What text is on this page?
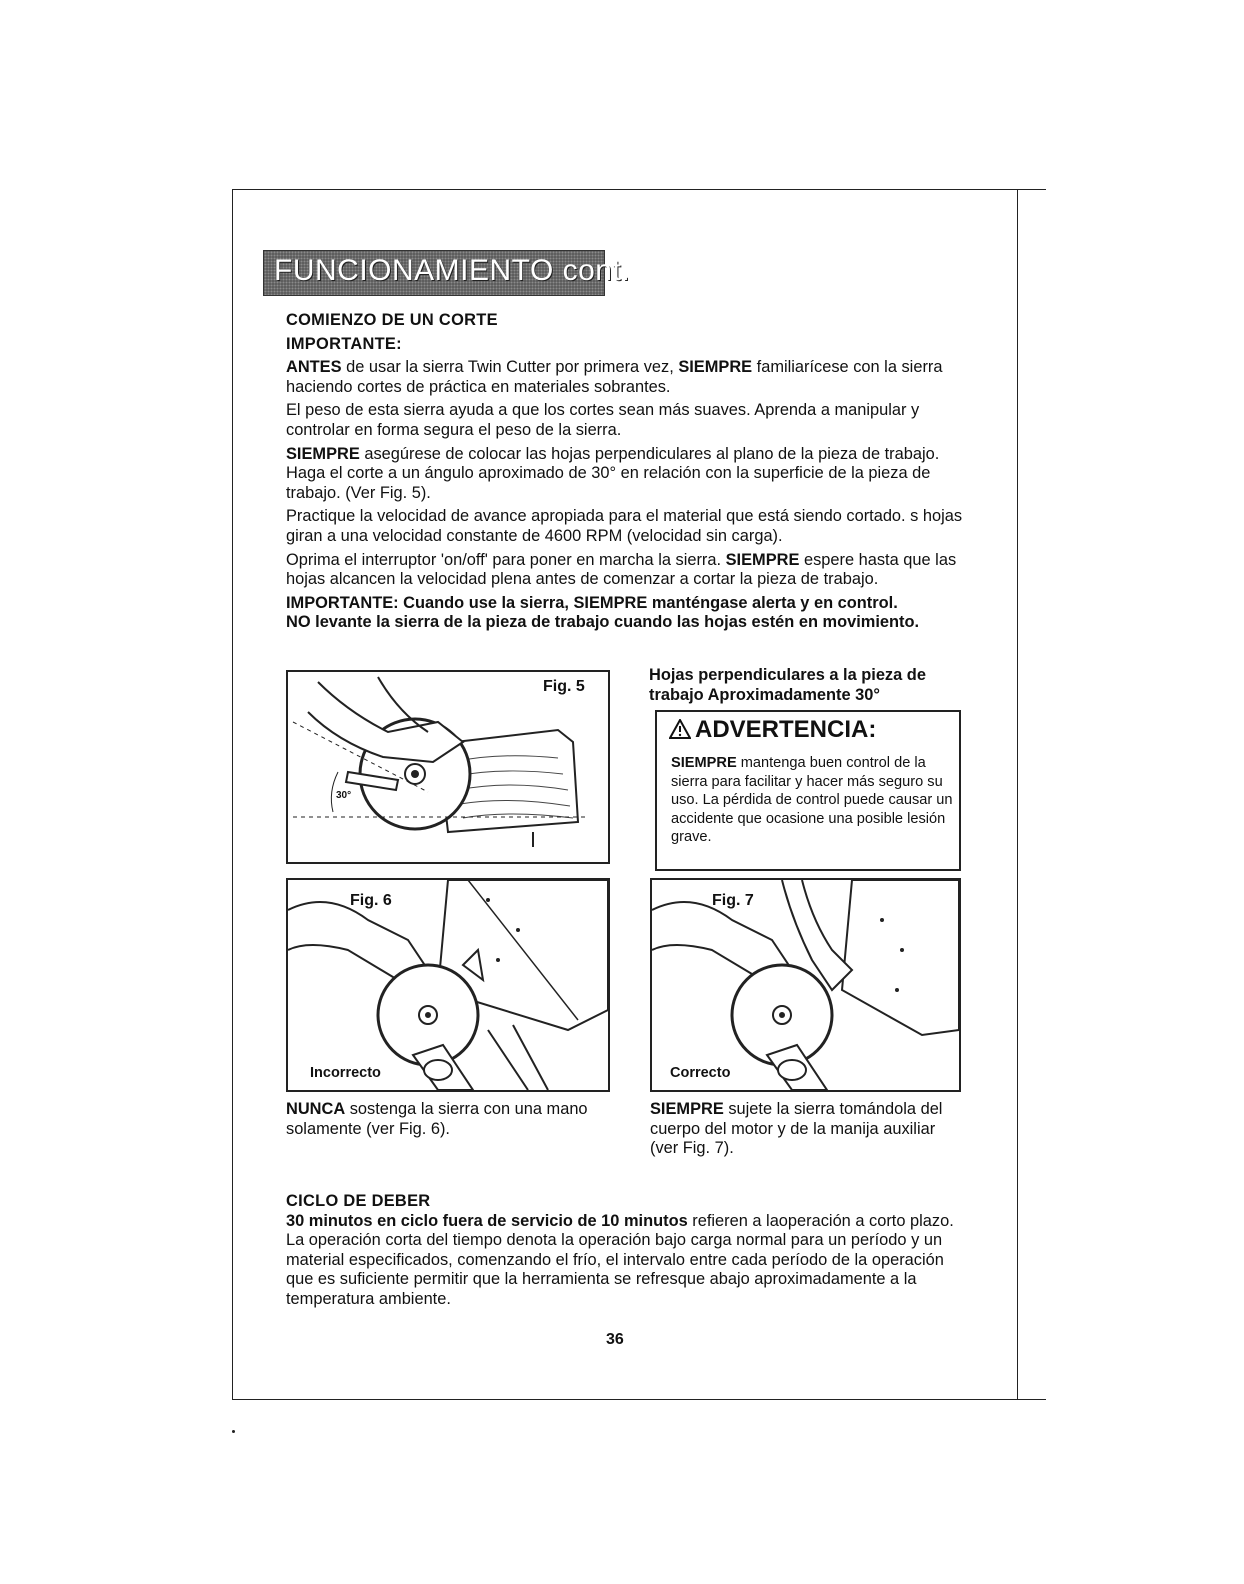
FUNCIONAMIENTO cont.

COMIENZO DE UN CORTE

IMPORTANTE:

ANTES de usar la sierra Twin Cutter por primera vez, SIEMPRE familiarícese con la sierra haciendo cortes de práctica en materiales sobrantes.

El peso de esta sierra ayuda a que los cortes sean más suaves. Aprenda a manipular y controlar en forma segura el peso de la sierra.

SIEMPRE asegúrese de colocar las hojas perpendiculares al plano de la pieza de trabajo. Haga el corte a un ángulo aproximado de 30° en relación con la superficie de la pieza de trabajo. (Ver Fig. 5).

Practique la velocidad de avance apropiada para el material que está siendo cortado. s hojas giran a una velocidad constante de 4600 RPM (velocidad sin carga).

Oprima el interruptor 'on/off' para poner en marcha la sierra. SIEMPRE espere hasta que las hojas alcancen la velocidad plena antes de comenzar a cortar la pieza de trabajo.

IMPORTANTE: Cuando use la sierra, SIEMPRE manténgase alerta y en control.
NO levante la sierra de la pieza de trabajo cuando las hojas estén en movimiento.

Fig. 5
30°
Hojas perpendiculares a la pieza de trabajo Aproximadamente 30°
ADVERTENCIA:
SIEMPRE mantenga buen control de la sierra para facilitar y hacer más seguro su uso. La pérdida de control puede causar un accidente que ocasione una posible lesión grave.
Fig. 6
Incorrecto
Fig. 7
Correcto
NUNCA sostenga la sierra con una mano solamente (ver Fig. 6).
SIEMPRE sujete la sierra tomándola del cuerpo del motor y de la manija auxiliar (ver Fig. 7).

CICLO DE DEBER

30 minutos en ciclo fuera de servicio de 10 minutos refieren a laoperación a corto plazo. La operación corta del tiempo denota la operación bajo carga normal para un período y un material especificados, comenzando el frío, el intervalo entre cada período de la operación que es suficiente permitir que la herramienta se refresque abajo aproximadamente a la temperatura ambiente.

36
